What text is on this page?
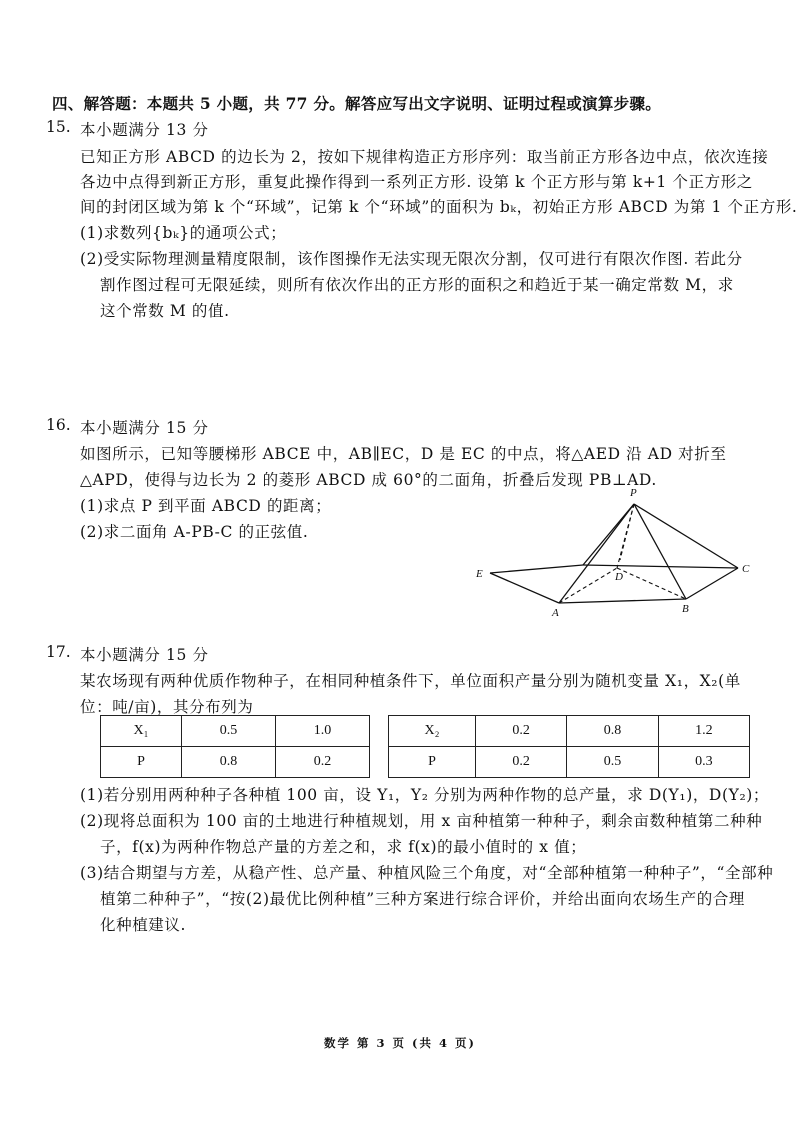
四、解答题：本题共 5 小题，共 77 分。解答应写出文字说明、证明过程或演算步骤。
15. 本小题满分 13 分
已知正方形 ABCD 的边长为 2，按如下规律构造正方形序列：取当前正方形各边中点，依次连接
各边中点得到新正方形，重复此操作得到一系列正方形. 设第 k 个正方形与第 k+1 个正方形之
间的封闭区域为第 k 个“环域”，记第 k 个“环域”的面积为 bₖ，初始正方形 ABCD 为第 1 个正方形.
(1)求数列{bₖ}的通项公式；
(2)受实际物理测量精度限制，该作图操作无法实现无限次分割，仅可进行有限次作图. 若此分
割作图过程可无限延续，则所有依次作出的正方形的面积之和趋近于某一确定常数 M，求
这个常数 M 的值.
16. 本小题满分 15 分
如图所示，已知等腰梯形 ABCE 中，AB∥EC，D 是 EC 的中点，将△AED 沿 AD 对折至
△APD，使得与边长为 2 的菱形 ABCD 成 60°的二面角，折叠后发现 PB⊥AD.
(1)求点 P 到平面 ABCD 的距离；
(2)求二面角 A-PB-C 的正弦值.
P
E	D
C
A	B
17. 本小题满分 15 分
某农场现有两种优质作物种子，在相同种植条件下，单位面积产量分别为随机变量 X₁，X₂(单
位：吨/亩)，其分布列为
X₁	0.5	1.0
P	0.8	0.2
X₂	0.2	0.8	1.2
P	0.2	0.5	0.3
(1)若分别用两种种子各种植 100 亩，设 Y₁，Y₂ 分别为两种作物的总产量，求 D(Y₁)，D(Y₂)；
(2)现将总面积为 100 亩的土地进行种植规划，用 x 亩种植第一种种子，剩余亩数种植第二种种
子，f(x)为两种作物总产量的方差之和，求 f(x)的最小值时的 x 值；
(3)结合期望与方差，从稳产性、总产量、种植风险三个角度，对“全部种植第一种种子”，“全部种
植第二种种子”，“按(2)最优比例种植”三种方案进行综合评价，并给出面向农场生产的合理
化种植建议.
数学 第 3 页 (共 4 页)
